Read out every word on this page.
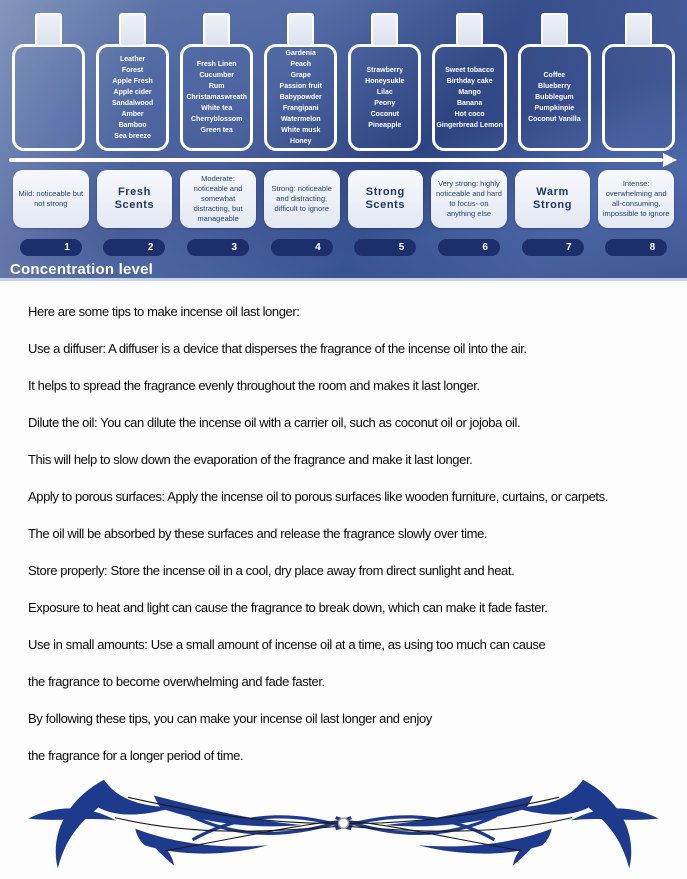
Leather
Forest
Apple Fresh
Apple cider
Sandalwood
Amber
Bamboo
Sea breeze
Fresh Linen
Cucumber
Rum
Christamaswreath
White tea
Cherryblossom
Green tea
Gardenia
Peach
Grape
Passion fruit
Babypowder
Frangipani
Watermelon
White musk
Honey
Strawberry
Honeysukle
Lilac
Peony
Coconut
Pineapple
Sweet tobacco
Birthday cake
Mango
Banana
Hot coco
Gingerbread Lemon
Coffee
Blueberry
Bubblegum
Pumpkinpie
Coconut Vanilla
Mild: noticeable but not strong
Fresh Scents
Moderate: noticeable and somewhat distracting, but manageable
Strong: noticeable and distracting, difficult to ignore
Strong Scents
Very strong: highly noticeable and hard to focus- on anything else
Warm Strong
Intense: overwhelming and all-consuming, impossible to ignore
1	2	3	4	5	6	7	8
Concentration level

Here are some tips to make incense oil last longer:

Use a diffuser: A diffuser is a device that disperses the fragrance of the incense oil into the air.

It helps to spread the fragrance evenly throughout the room and makes it last longer.

Dilute the oil: You can dilute the incense oil with a carrier oil, such as coconut oil or jojoba oil.

This will help to slow down the evaporation of the fragrance and make it last longer.

Apply to porous surfaces: Apply the incense oil to porous surfaces like wooden furniture, curtains, or carpets.

The oil will be absorbed by these surfaces and release the fragrance slowly over time.

Store properly: Store the incense oil in a cool, dry place away from direct sunlight and heat.

Exposure to heat and light can cause the fragrance to break down, which can make it fade faster.

Use in small amounts: Use a small amount of incense oil at a time, as using too much can cause

the fragrance to become overwhelming and fade faster.

By following these tips, you can make your incense oil last longer and enjoy

the fragrance for a longer period of time.
